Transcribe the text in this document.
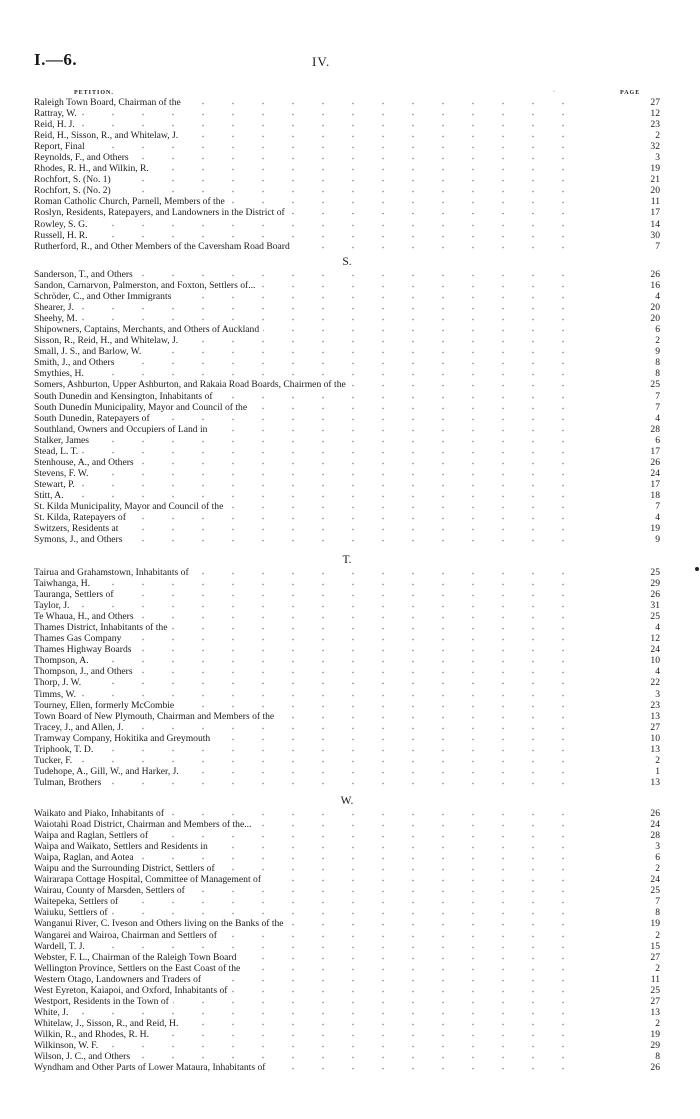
I.—6.	IV.
PETITION.	·	PAGE
Raleigh Town Board, Chairman of the	27
Rattray, W.	12
Reid, H. J.	23
Reid, H., Sisson, R., and Whitelaw, J.	2
Report, Final	32
Reynolds, F., and Others	3
Rhodes, R. H., and Wilkin, R.	19
Rochfort, S. (No. 1)	21
Rochfort, S. (No. 2)	20
Roman Catholic Church, Parnell, Members of the	11
Roslyn, Residents, Ratepayers, and Landowners in the District of	17
Rowley, S. G.	14
Russell, H. R.	30
Rutherford, R., and Other Members of the Caversham Road Board	7
S.
Sanderson, T., and Others	26
Sandon, Carnarvon, Palmerston, and Foxton, Settlers of...	16
Schröder, C., and Other Immigrants	4
Shearer, J.	20
Sheehy, M.	20
Shipowners, Captains, Merchants, and Others of Auckland	6
Sisson, R., Reid, H., and Whitelaw, J.	2
Small, J. S., and Barlow, W.	9
Smith, J., and Others	8
Smythies, H.	8
Somers, Ashburton, Upper Ashburton, and Rakaia Road Boards, Chairmen of the	25
South Dunedin and Kensington, Inhabitants of	7
South Dunedin Municipality, Mayor and Council of the	7
South Dunedin, Ratepayers of	4
Southland, Owners and Occupiers of Land in	28
Stalker, James	6
Stead, L. T.	17
Stenhouse, A., and Others	26
Stevens, F. W.	24
Stewart, P.	17
Stitt, A.	18
St. Kilda Municipality, Mayor and Council of the	7
St. Kilda, Ratepayers of	4
Switzers, Residents at	19
Symons, J., and Others	9
T.
Tairua and Grahamstown, Inhabitants of	25
Taiwhanga, H.	29
Tauranga, Settlers of	26
Taylor, J.	31
Te Whaua, H., and Others	25
Thames District, Inhabitants of the	4
Thames Gas Company	12
Thames Highway Boards	24
Thompson, A.	10
Thompson, J., and Others	4
Thorp, J. W.	22
Timms, W.	3
Tourney, Ellen, formerly McCombie	23
Town Board of New Plymouth, Chairman and Members of the	13
Tracey, J., and Allen, J.	27
Tramway Company, Hokitika and Greymouth	10
Triphook, T. D.	13
Tucker, F.	2
Tudehope, A., Gill, W., and Harker, J.	1
Tulman, Brothers	13
W.
Waikato and Piako, Inhabitants of	26
Waiotahi Road District, Chairman and Members of the...	24
Waipa and Raglan, Settlers of	28
Waipa and Waikato, Settlers and Residents in	3
Waipa, Raglan, and Aotea	6
Waipu and the Surrounding District, Settlers of	2
Wairarapa Cottage Hospital, Committee of Management of	24
Wairau, County of Marsden, Settlers of	25
Waitepeka, Settlers of	7
Waiuku, Settlers of	8
Wanganui River, C. Iveson and Others living on the Banks of the	19
Wangarei and Wairoa, Chairman and Settlers of	2
Wardell, T. J.	15
Webster, F. L., Chairman of the Raleigh Town Board	27
Wellington Province, Settlers on the East Coast of the	2
Western Otago, Landowners and Traders of	11
West Eyreton, Kaiapoi, and Oxford, Inhabitants of	25
Westport, Residents in the Town of	27
White, J.	13
Whitelaw, J., Sisson, R., and Reid, H.	2
Wilkin, R., and Rhodes, R. H.	19
Wilkinson, W. F.	29
Wilson, J. C., and Others	8
Wyndham and Other Parts of Lower Mataura, Inhabitants of	26
